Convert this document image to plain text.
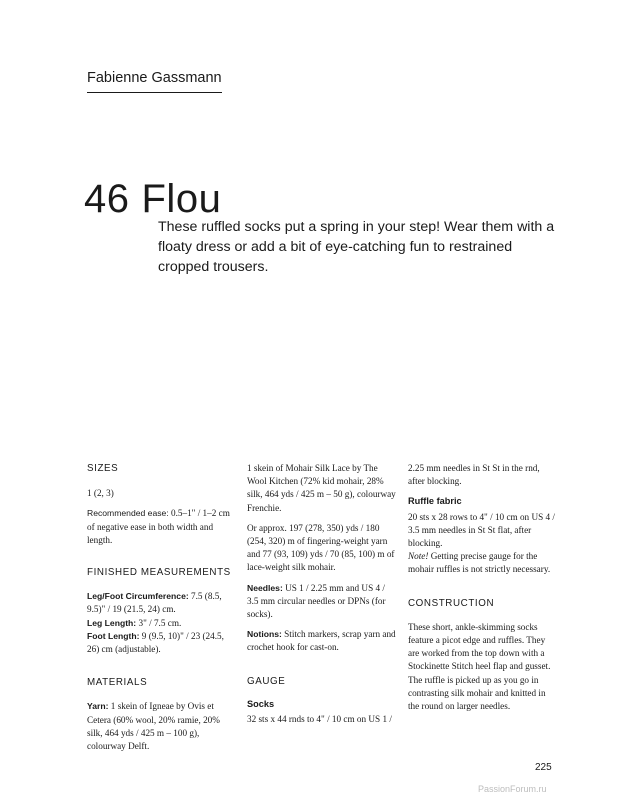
Fabienne Gassmann
46 Flou

These ruffled socks put a spring in your step! Wear them with a floaty dress or add a bit of eye-catching fun to restrained cropped trousers.

SIZES

1 (2, 3)

Recommended ease: 0.5–1" / 1–2 cm of negative ease in both width and length.

FINISHED MEASUREMENTS

Leg/Foot Circumference: 7.5 (8.5, 9.5)" / 19 (21.5, 24) cm.

Leg Length: 3" / 7.5 cm.

Foot Length: 9 (9.5, 10)" / 23 (24.5, 26) cm (adjustable).

MATERIALS

Yarn: 1 skein of Igneae by Ovis et Cetera (60% wool, 20% ramie, 20% silk, 464 yds / 425 m – 100 g), colourway Delft.

1 skein of Mohair Silk Lace by The Wool Kitchen (72% kid mohair, 28% silk, 464 yds / 425 m – 50 g), colourway Frenchie.

Or approx. 197 (278, 350) yds / 180 (254, 320) m of fingering-weight yarn and 77 (93, 109) yds / 70 (85, 100) m of lace-weight silk mohair.

Needles: US 1 / 2.25 mm and US 4 / 3.5 mm circular needles or DPNs (for socks).

Notions: Stitch markers, scrap yarn and crochet hook for cast-on.

GAUGE

Socks

32 sts x 44 rnds to 4" / 10 cm on US 1 /

2.25 mm needles in St St in the rnd, after blocking.

Ruffle fabric

20 sts x 28 rows to 4" / 10 cm on US 4 / 3.5 mm needles in St St flat, after blocking.

Note! Getting precise gauge for the mohair ruffles is not strictly necessary.

CONSTRUCTION

These short, ankle-skimming socks feature a picot edge and ruffles. They are worked from the top down with a Stockinette Stitch heel flap and gusset. The ruffle is picked up as you go in contrasting silk mohair and knitted in the round on larger needles.

225
PassionForum.ru
